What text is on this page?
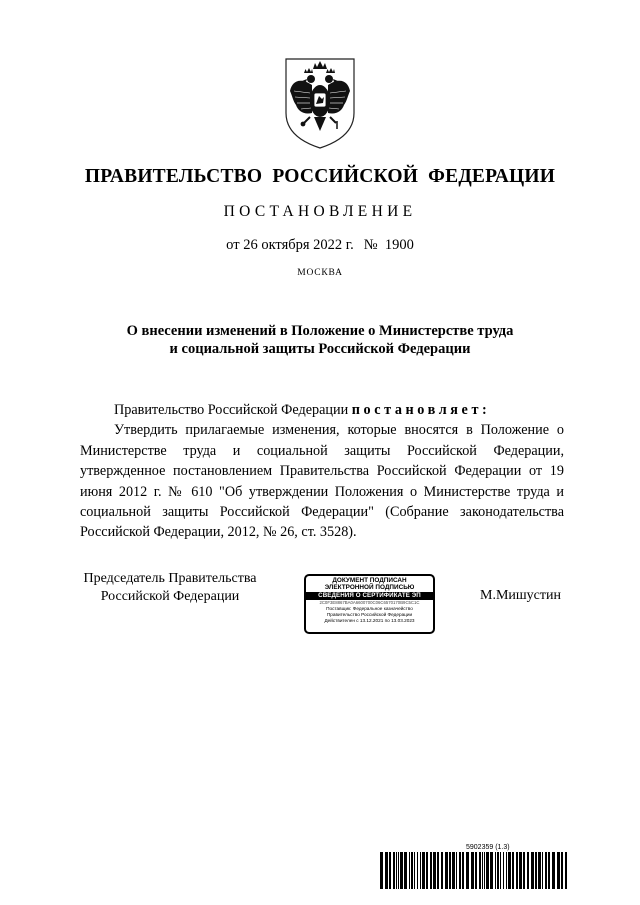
ПРАВИТЕЛЬСТВО РОССИЙСКОЙ ФЕДЕРАЦИИ
ПОСТАНОВЛЕНИЕ
от 26 октября 2022 г. № 1900
МОСКВА
О внесении изменений в Положение о Министерстве труда
и социальной защиты Российской Федерации

Правительство Российской Федерации постановляет:

Утвердить прилагаемые изменения, которые вносятся в Положение о Министерстве труда и социальной защиты Российской Федерации, утвержденное постановлением Правительства Российской Федерации от 19 июня 2012 г. № 610 "Об утверждении Положения о Министерстве труда и социальной защиты Российской Федерации" (Собрание законодательства Российской Федерации, 2012, № 26, ст. 3528).

Председатель Правительства
Российской Федерации
ДОКУМЕНТ ПОДПИСАН
ЭЛЕКТРОННОЙ ПОДПИСЬЮ
СВЕДЕНИЯ О СЕРТИФИКАТЕ ЭП
2C0F3E8867BA0A6600700C06C6570170B9C5C1C
Поставщик: Федеральное казначейство
Правительство Российской Федерации
Действителен с 13.12.2021 по 13.03.2023
М.Мишустин
5902359 (1.3)
